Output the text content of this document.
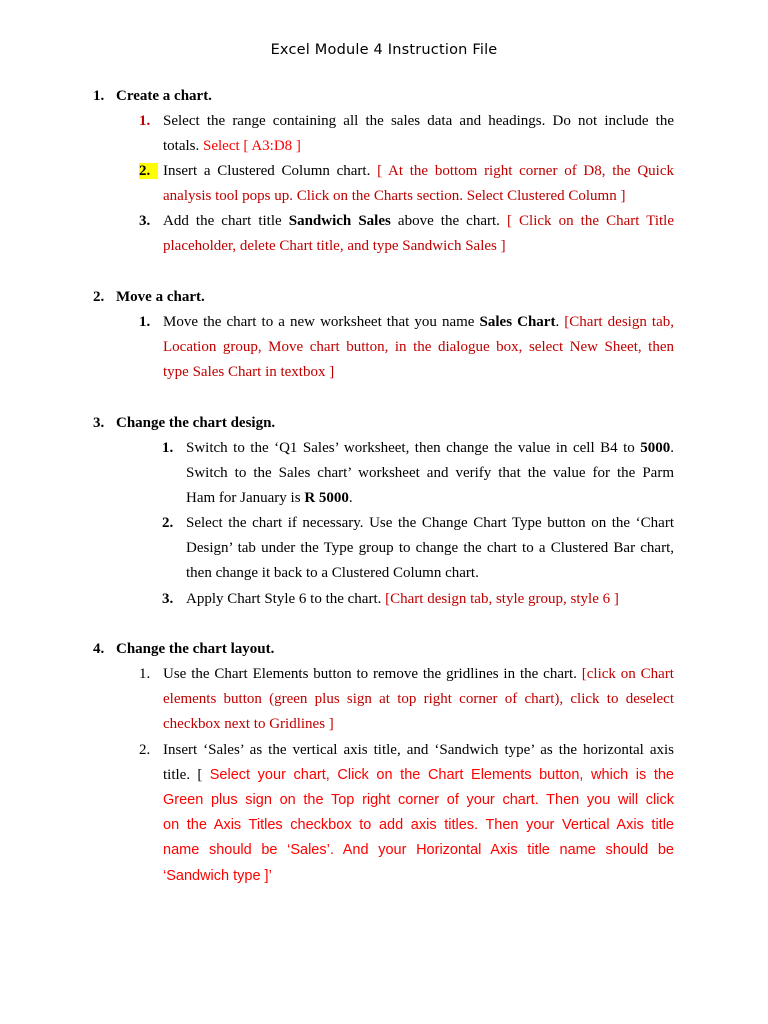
Excel Module 4 Instruction File
1. Create a chart.
1. Select the range containing all the sales data and headings. Do not include the
totals. Select [ A3:D8 ]
2. Insert a Clustered Column chart. [ At the bottom right corner of D8, the Quick
analysis tool pops up. Click on the Charts section. Select Clustered Column ]
3. Add the chart title Sandwich Sales above the chart. [ Click on the Chart Title
placeholder, delete Chart title, and type Sandwich Sales ]
2. Move a chart.
1. Move the chart to a new worksheet that you name Sales Chart. [Chart design tab,
Location group, Move chart button, in the dialogue box, select New Sheet, then
type Sales Chart in textbox ]
3. Change the chart design.
1. Switch to the ‘Q1 Sales’ worksheet, then change the value in cell B4 to 5000.
Switch to the Sales chart’ worksheet and verify that the value for the Parm
Ham for January is R 5000.
2. Select the chart if necessary. Use the Change Chart Type button on the ‘Chart
Design’ tab under the Type group to change the chart to a Clustered Bar chart,
then change it back to a Clustered Column chart.
3. Apply Chart Style 6 to the chart. [Chart design tab, style group, style 6 ]
4. Change the chart layout.
1. Use the Chart Elements button to remove the gridlines in the chart. [click on Chart
elements button (green plus sign at top right corner of chart), click to deselect
checkbox next to Gridlines ]
2. Insert ‘Sales’ as the vertical axis title, and ‘Sandwich type’ as the horizontal axis
title. [ Select your chart, Click on the Chart Elements button, which is the
Green plus sign on the Top right corner of your chart. Then you will click
on the Axis Titles checkbox to add axis titles. Then your Vertical Axis title
name should be ‘Sales’. And your Horizontal Axis title name should be
‘Sandwich type ]’
